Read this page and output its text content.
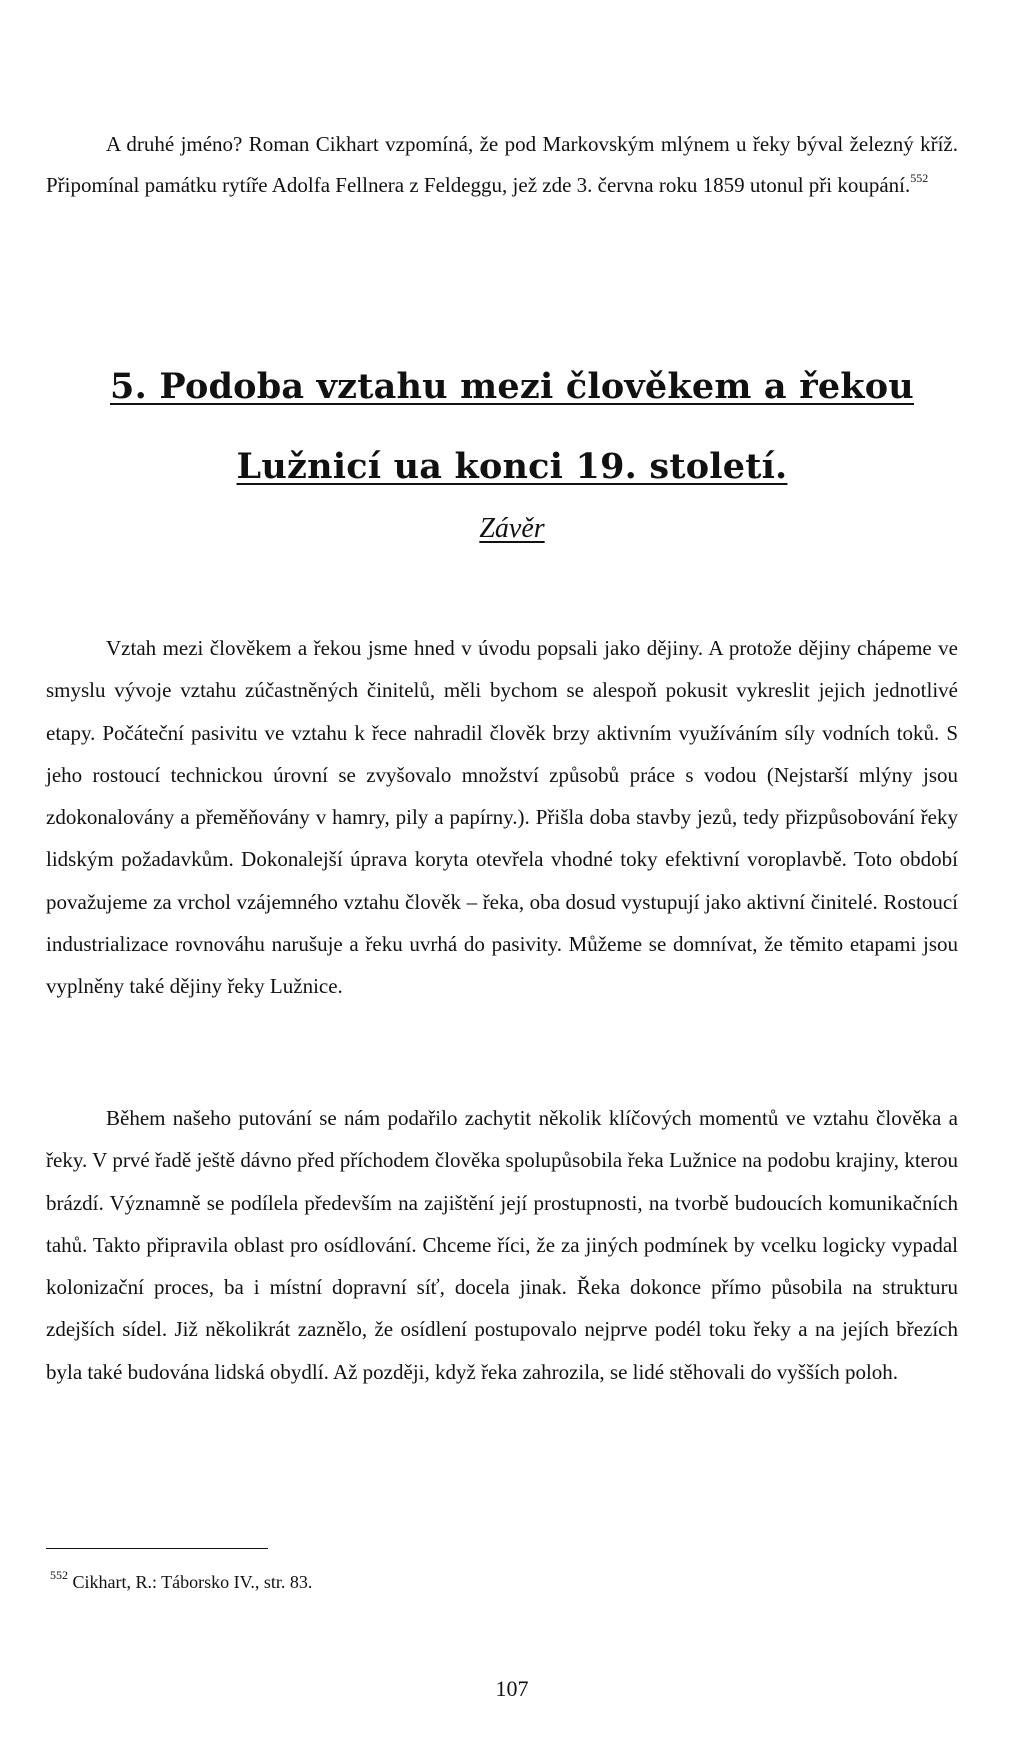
A druhé jméno? Roman Cikhart vzpomíná, že pod Markovským mlýnem u řeky býval železný kříž. Připomínal památku rytíře Adolfa Fellnera z Feldeggu, jež zde 3. června roku 1859 utonul při koupání.$^{552}$

5. Podoba vztahu mezi člověkem a řekou
Lužnicí ua konci 19. století.
Závěr

Vztah mezi člověkem a řekou jsme hned v úvodu popsali jako dějiny. A protože dějiny chápeme ve smyslu vývoje vztahu zúčastněných činitelů, měli bychom se alespoň pokusit vykreslit jejich jednotlivé etapy. Počáteční pasivitu ve vztahu k řece nahradil člověk brzy aktivním využíváním síly vodních toků. S jeho rostoucí technickou úrovní se zvyšovalo množství způsobů práce s vodou (Nejstarší mlýny jsou zdokonalovány a přeměňovány v hamry, pily a papírny.). Přišla doba stavby jezů, tedy přizpůsobování řeky lidským požadavkům. Dokonalejší úprava koryta otevřela vhodné toky efektivní voroplavbě. Toto období považujeme za vrchol vzájemného vztahu člověk – řeka, oba dosud vystupují jako aktivní činitelé. Rostoucí industrializace rovnováhu narušuje a řeku uvrhá do pasivity. Můžeme se domnívat, že těmito etapami jsou vyplněny také dějiny řeky Lužnice.

Během našeho putování se nám podařilo zachytit několik klíčových momentů ve vztahu člověka a řeky. V prvé řadě ještě dávno před příchodem člověka spolupůsobila řeka Lužnice na podobu krajiny, kterou brázdí. Významně se podílela především na zajištění její prostupnosti, na tvorbě budoucích komunikačních tahů. Takto připravila oblast pro osídlování. Chceme říci, že za jiných podmínek by vcelku logicky vypadal kolonizační proces, ba i místní dopravní síť, docela jinak. Řeka dokonce přímo působila na strukturu zdejších sídel. Již několikrát zaznělo, že osídlení postupovalo nejprve podél toku řeky a na jejích březích byla také budována lidská obydlí. Až později, když řeka zahrozila, se lidé stěhovali do vyšších poloh.

$^{552}$ Cikhart, R.: Táborsko IV., str. 83.

107
